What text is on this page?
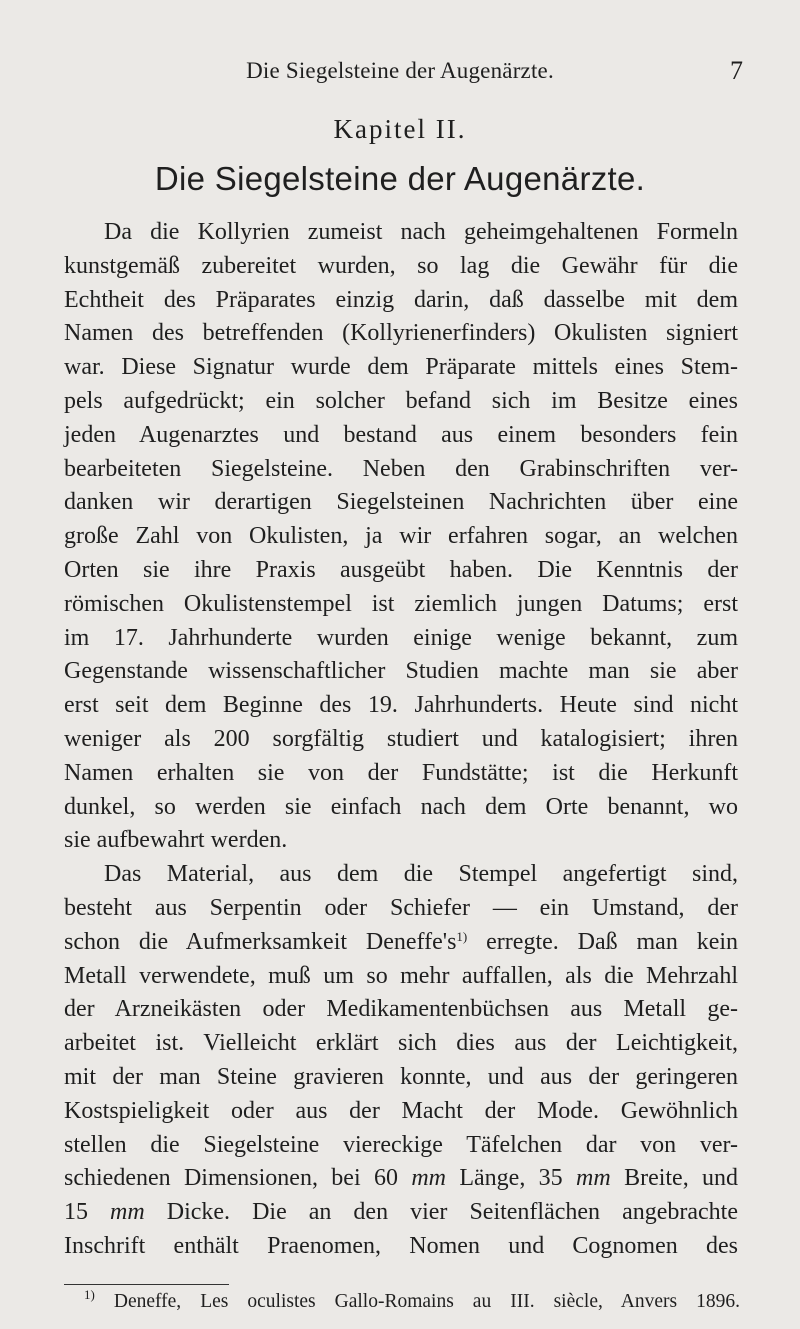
Die Siegelsteine der Augenärzte.	7
Kapitel II.
Die Siegelsteine der Augenärzte.
Da die Kollyrien zumeist nach geheimgehaltenen Formeln
kunstgemäß zubereitet wurden, so lag die Gewähr für die
Echtheit des Präparates einzig darin, daß dasselbe mit dem
Namen des betreffenden (Kollyrienerfinders) Okulisten signiert
war. Diese Signatur wurde dem Präparate mittels eines Stem-
pels aufgedrückt; ein solcher befand sich im Besitze eines
jeden Augenarztes und bestand aus einem besonders fein
bearbeiteten Siegelsteine. Neben den Grabinschriften ver-
danken wir derartigen Siegelsteinen Nachrichten über eine
große Zahl von Okulisten, ja wir erfahren sogar, an welchen
Orten sie ihre Praxis ausgeübt haben. Die Kenntnis der
römischen Okulistenstempel ist ziemlich jungen Datums; erst
im 17. Jahrhunderte wurden einige wenige bekannt, zum
Gegenstande wissenschaftlicher Studien machte man sie aber
erst seit dem Beginne des 19. Jahrhunderts. Heute sind nicht
weniger als 200 sorgfältig studiert und katalogisiert; ihren
Namen erhalten sie von der Fundstätte; ist die Herkunft
dunkel, so werden sie einfach nach dem Orte benannt, wo
sie aufbewahrt werden.
Das Material, aus dem die Stempel angefertigt sind,
besteht aus Serpentin oder Schiefer — ein Umstand, der
schon die Aufmerksamkeit $Deneffe's^{1)}$ erregte. Daß man kein
Metall verwendete, muß um so mehr auffallen, als die Mehrzahl
der Arzneikästen oder Medikamentenbüchsen aus Metall ge-
arbeitet ist. Vielleicht erklärt sich dies aus der Leichtigkeit,
mit der man Steine gravieren konnte, und aus der geringeren
Kostspieligkeit oder aus der Macht der Mode. Gewöhnlich
stellen die Siegelsteine viereckige Täfelchen dar von ver-
schiedenen Dimensionen, bei 60 mm Länge, 35 mm Breite, und
15 mm Dicke. Die an den vier Seitenflächen angebrachte
Inschrift enthält Praenomen, Nomen und Cognomen des
$^{1)}$ Deneffe, Les oculistes Gallo-Romains au III. siècle, Anvers 1896.
